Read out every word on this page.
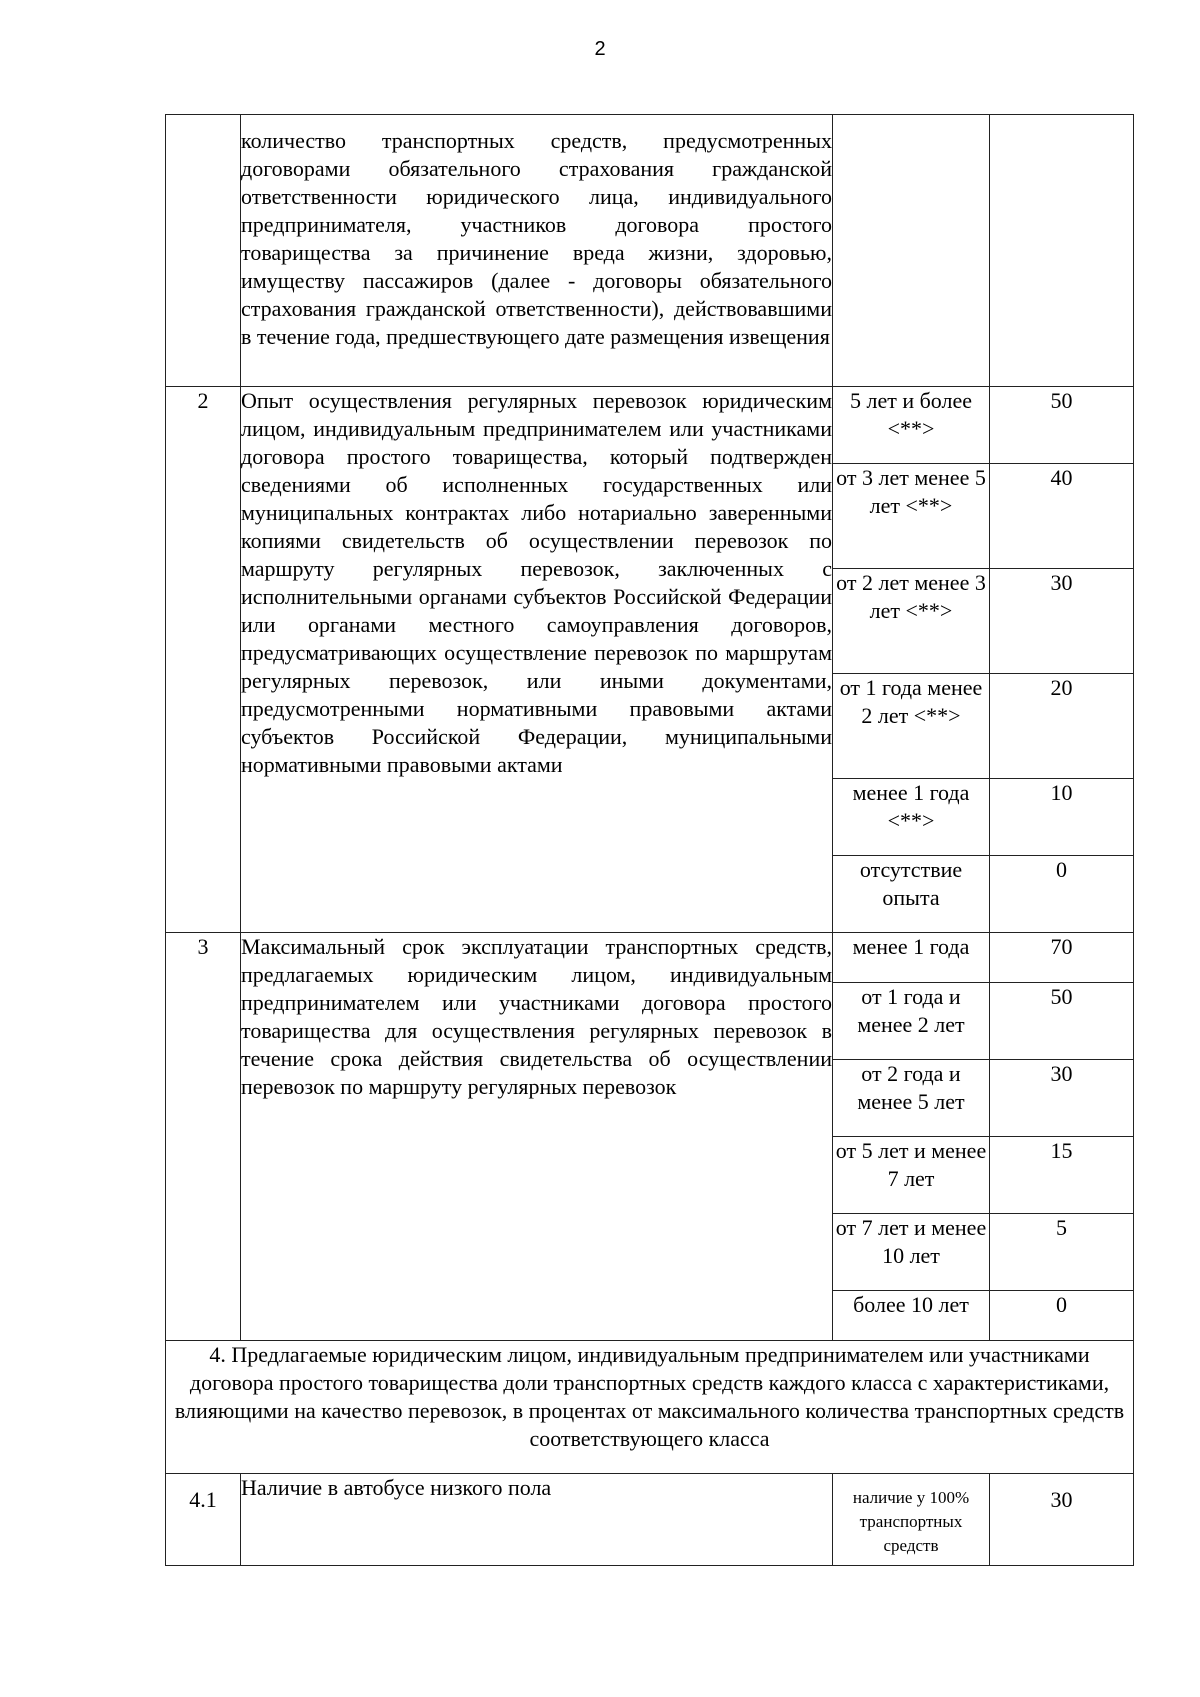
2
	количество транспортных средств, предусмотренных договорами обязательного страхования гражданской ответственности юридического лица, индивидуального предпринимателя, участников договора простого товарищества за причинение вреда жизни, здоровью, имуществу пассажиров (далее - договоры обязательного страхования гражданской ответственности), действовавшими в течение года, предшествующего дате размещения извещения		
2	Опыт осуществления регулярных перевозок юридическим лицом, индивидуальным предпринимателем или участниками договора простого товарищества, который подтвержден сведениями об исполненных государственных или муниципальных контрактах либо нотариально заверенными копиями свидетельств об осуществлении перевозок по маршруту регулярных перевозок, заключенных с исполнительными органами субъектов Российской Федерации или органами местного самоуправления договоров, предусматривающих осуществление перевозок по маршрутам регулярных перевозок, или иными документами, предусмотренными нормативными правовыми актами субъектов Российской Федерации, муниципальными нормативными правовыми актами	5 лет и более <**>	50
		от 3 лет менее 5 лет <**>	40
		от 2 лет менее 3 лет <**>	30
		от 1 года менее 2 лет <**>	20
		менее 1 года <**>	10
		отсутствие опыта	0
3	Максимальный срок эксплуатации транспортных средств, предлагаемых юридическим лицом, индивидуальным предпринимателем или участниками договора простого товарищества для осуществления регулярных перевозок в течение срока действия свидетельства об осуществлении перевозок по маршруту регулярных перевозок	менее 1 года	70
		от 1 года и менее 2 лет	50
		от 2 года и менее 5 лет	30
		от 5 лет и менее 7 лет	15
		от 7 лет и менее 10 лет	5
		более 10 лет	0
4. Предлагаемые юридическим лицом, индивидуальным предпринимателем или участниками договора простого товарищества доли транспортных средств каждого класса с характеристиками, влияющими на качество перевозок, в процентах от максимального количества транспортных средств соответствующего класса			
4.1	Наличие в автобусе низкого пола	наличие у 100% транспортных средств	30
